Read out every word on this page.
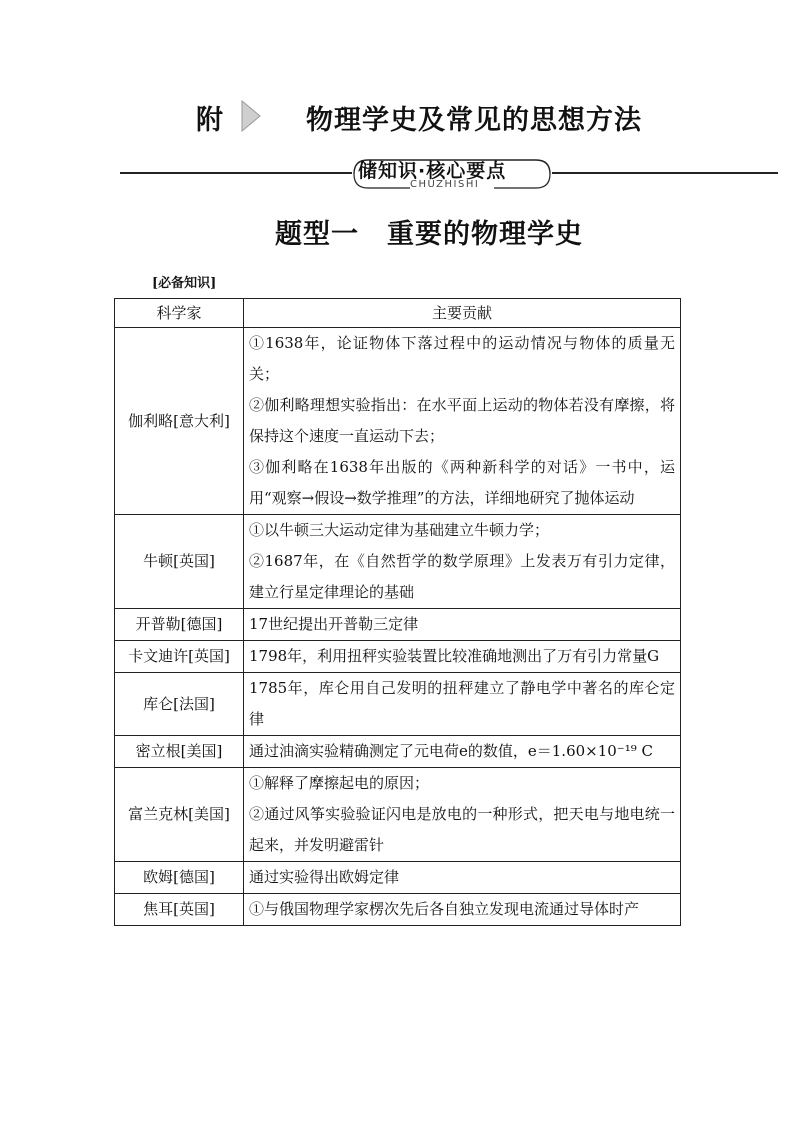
附	物理学史及常见的思想方法
储知识·核心要点
CHUZHISHI
题型一　重要的物理学史
[必备知识]
科学家	主要贡献
伽利略[意大利]	①1638年，论证物体下落过程中的运动情况与物体的质量无关；
②伽利略理想实验指出：在水平面上运动的物体若没有摩擦，将保持这个速度一直运动下去；
③伽利略在1638年出版的《两种新科学的对话》一书中，运用“观察→假设→数学推理”的方法，详细地研究了抛体运动

牛顿[英国]	①以牛顿三大运动定律为基础建立牛顿力学；
②1687年，在《自然哲学的数学原理》上发表万有引力定律，建立行星定律理论的基础

开普勒[德国]	17世纪提出开普勒三定律

卡文迪许[英国]	1798年，利用扭秤实验装置比较准确地测出了万有引力常量G

库仑[法国]	1785年，库仑用自己发明的扭秤建立了静电学中著名的库仑定律

密立根[美国]	通过油滴实验精确测定了元电荷e的数值，e＝1.60×10⁻¹⁹ C

富兰克林[美国]	①解释了摩擦起电的原因；
②通过风筝实验验证闪电是放电的一种形式，把天电与地电统一起来，并发明避雷针

欧姆[德国]	通过实验得出欧姆定律

焦耳[英国]	①与俄国物理学家楞次先后各自独立发现电流通过导体时产
